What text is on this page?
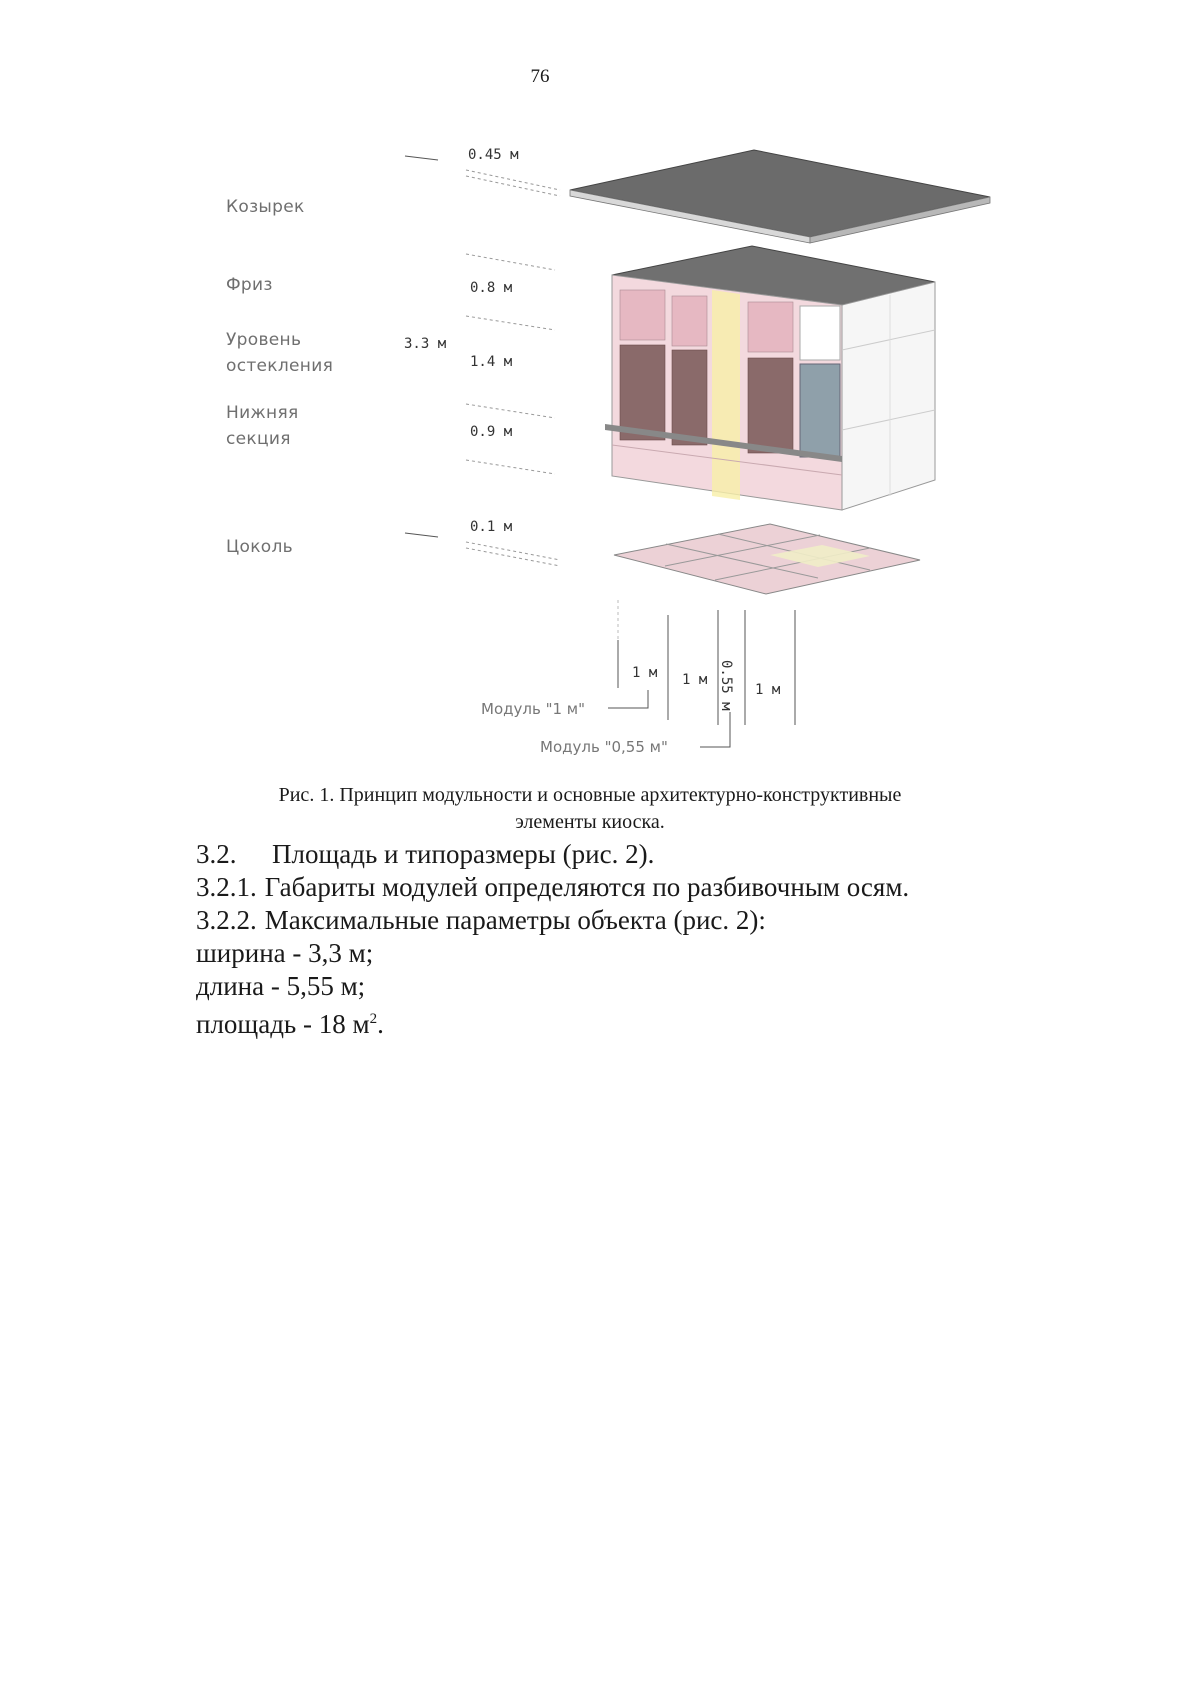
76
Козырек
Фриз
Уровень
остекления
Нижняя
секция
Цоколь
0.45 м
0.8 м
3.3 м
1.4 м
0.9 м
0.1 м
1 м 1 м 0.55 м 1 м
Модуль "1 м"
Модуль "0,55 м"
Рис. 1. Принцип модульности и основные архитектурно-конструктивные
элементы киоска.
3.2. Площадь и типоразмеры (рис. 2).
3.2.1. Габариты модулей определяются по разбивочным осям.
3.2.2. Максимальные параметры объекта (рис. 2):
ширина - 3,3 м;
длина - 5,55 м;
площадь - 18 $м^2$.
